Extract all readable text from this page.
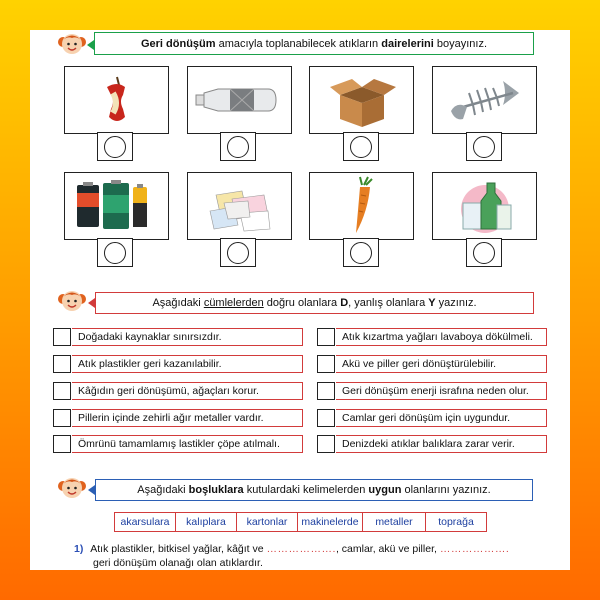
Geri dönüşüm amacıyla toplanabilecek atıkların dairelerini boyayınız.
Aşağıdaki cümlelerden doğru olanlara D , yanlış olanlara Y yazınız.
Doğadaki kaynaklar sınırsızdır.
Atık plastikler geri kazanılabilir.
Kâğıdın geri dönüşümü, ağaçları korur.
Pillerin içinde zehirli ağır metaller vardır.
Ömrünü tamamlamış lastikler çöpe atılmalı.
Atık kızartma yağları lavaboya dökülmeli.
Akü ve piller geri dönüştürülebilir.
Geri dönüşüm enerji israfına neden olur.
Camlar geri dönüşüm için uygundur.
Denizdeki atıklar balıklara zarar verir.
Aşağıdaki boşluklara kutulardaki kelimelerden uygun olanlarını yazınız.
akarsulara	kalıplara	kartonlar	makinelerde	metaller	toprağa
1) Atık plastikler, bitkisel yağlar, kâğıt ve ………………., camlar, akü ve piller, ……………….
geri dönüşüm olanağı olan atıklardır.
